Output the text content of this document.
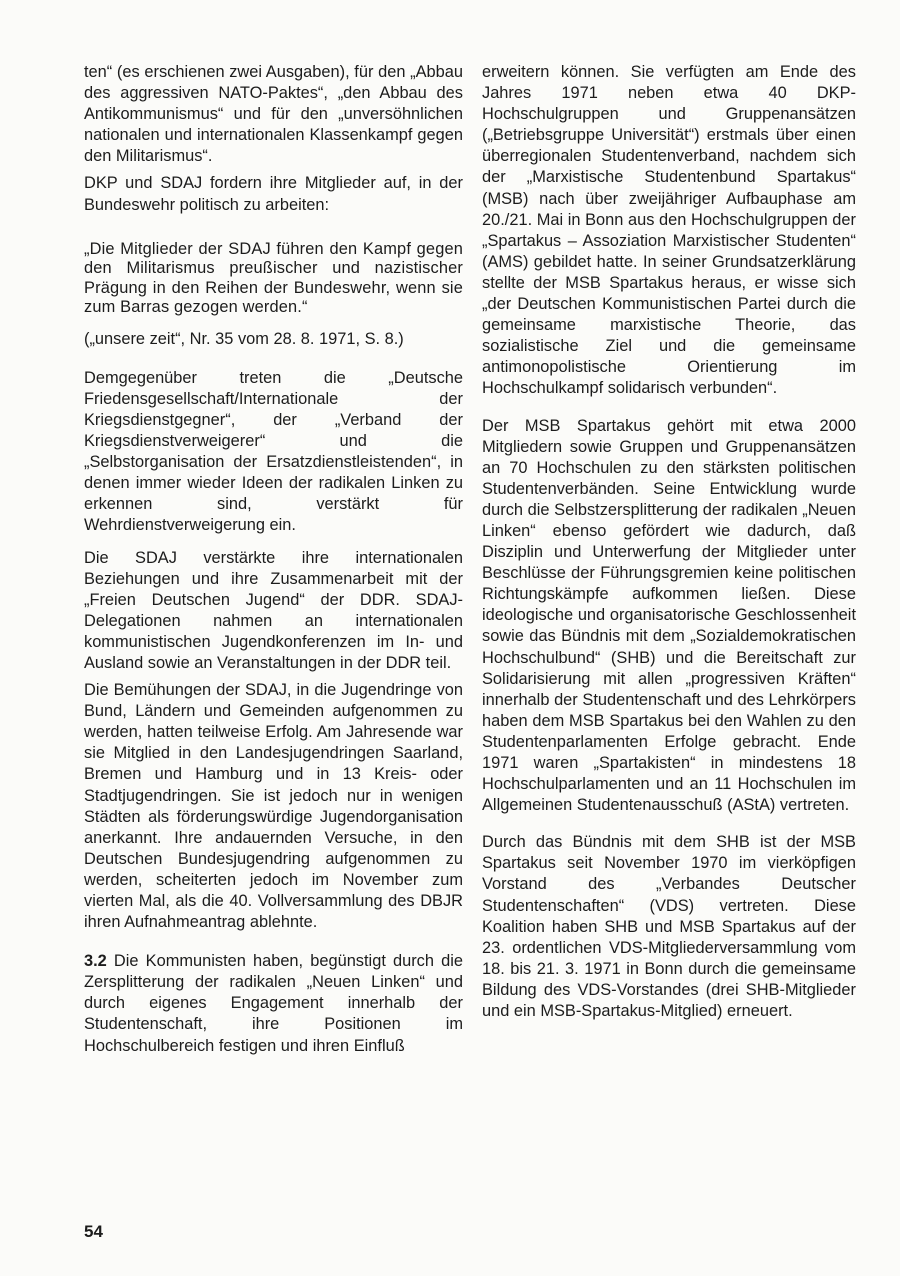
ten“ (es erschienen zwei Ausgaben), für den „Abbau des aggressiven NATO-Paktes“, „den Abbau des Antikommunismus“ und für den „unversöhnlichen nationalen und internationalen Klassenkampf gegen den Militarismus“.

DKP und SDAJ fordern ihre Mitglieder auf, in der Bundeswehr politisch zu arbeiten:

„Die Mitglieder der SDAJ führen den Kampf gegen den Militarismus preußischer und nazistischer Prägung in den Reihen der Bundeswehr, wenn sie zum Barras gezogen werden.“

(„unsere zeit“, Nr. 35 vom 28. 8. 1971, S. 8.)

Demgegenüber treten die „Deutsche Friedensgesellschaft/Internationale der Kriegsdienstgegner“, der „Verband der Kriegsdienstverweigerer“ und die „Selbstorganisation der Ersatzdienstleistenden“, in denen immer wieder Ideen der radikalen Linken zu erkennen sind, verstärkt für Wehrdienstverweigerung ein.

Die SDAJ verstärkte ihre internationalen Beziehungen und ihre Zusammenarbeit mit der „Freien Deutschen Jugend“ der DDR. SDAJ-Delegationen nahmen an internationalen kommunistischen Jugendkonferenzen im In- und Ausland sowie an Veranstaltungen in der DDR teil.

Die Bemühungen der SDAJ, in die Jugendringe von Bund, Ländern und Gemeinden aufgenommen zu werden, hatten teilweise Erfolg. Am Jahresende war sie Mitglied in den Landesjugendringen Saarland, Bremen und Hamburg und in 13 Kreis- oder Stadtjugendringen. Sie ist jedoch nur in wenigen Städten als förderungswürdige Jugendorganisation anerkannt. Ihre andauernden Versuche, in den Deutschen Bundesjugendring aufgenommen zu werden, scheiterten jedoch im November zum vierten Mal, als die 40. Vollversammlung des DBJR ihren Aufnahmeantrag ablehnte.

3.2 Die Kommunisten haben, begünstigt durch die Zersplitterung der radikalen „Neuen Linken“ und durch eigenes Engagement innerhalb der Studentenschaft, ihre Positionen im Hochschulbereich festigen und ihren Einfluß

erweitern können. Sie verfügten am Ende des Jahres 1971 neben etwa 40 DKP-Hochschulgruppen und Gruppenansätzen („Betriebsgruppe Universität“) erstmals über einen überregionalen Studentenverband, nachdem sich der „Marxistische Studentenbund Spartakus“ (MSB) nach über zweijähriger Aufbauphase am 20./21. Mai in Bonn aus den Hochschulgruppen der „Spartakus – Assoziation Marxistischer Studenten“ (AMS) gebildet hatte. In seiner Grundsatzerklärung stellte der MSB Spartakus heraus, er wisse sich „der Deutschen Kommunistischen Partei durch die gemeinsame marxistische Theorie, das sozialistische Ziel und die gemeinsame antimonopolistische Orientierung im Hochschulkampf solidarisch verbunden“.

Der MSB Spartakus gehört mit etwa 2000 Mitgliedern sowie Gruppen und Gruppenansätzen an 70 Hochschulen zu den stärksten politischen Studentenverbänden. Seine Entwicklung wurde durch die Selbstzersplitterung der radikalen „Neuen Linken“ ebenso gefördert wie dadurch, daß Disziplin und Unterwerfung der Mitglieder unter Beschlüsse der Führungsgremien keine politischen Richtungskämpfe aufkommen ließen. Diese ideologische und organisatorische Geschlossenheit sowie das Bündnis mit dem „Sozialdemokratischen Hochschulbund“ (SHB) und die Bereitschaft zur Solidarisierung mit allen „progressiven Kräften“ innerhalb der Studentenschaft und des Lehrkörpers haben dem MSB Spartakus bei den Wahlen zu den Studentenparlamenten Erfolge gebracht. Ende 1971 waren „Spartakisten“ in mindestens 18 Hochschulparlamenten und an 11 Hochschulen im Allgemeinen Studentenausschuß (AStA) vertreten.

Durch das Bündnis mit dem SHB ist der MSB Spartakus seit November 1970 im vierköpfigen Vorstand des „Verbandes Deutscher Studentenschaften“ (VDS) vertreten. Diese Koalition haben SHB und MSB Spartakus auf der 23. ordentlichen VDS-Mitgliederversammlung vom 18. bis 21. 3. 1971 in Bonn durch die gemeinsame Bildung des VDS-Vorstandes (drei SHB-Mitglieder und ein MSB-Spartakus-Mitglied) erneuert.

54
